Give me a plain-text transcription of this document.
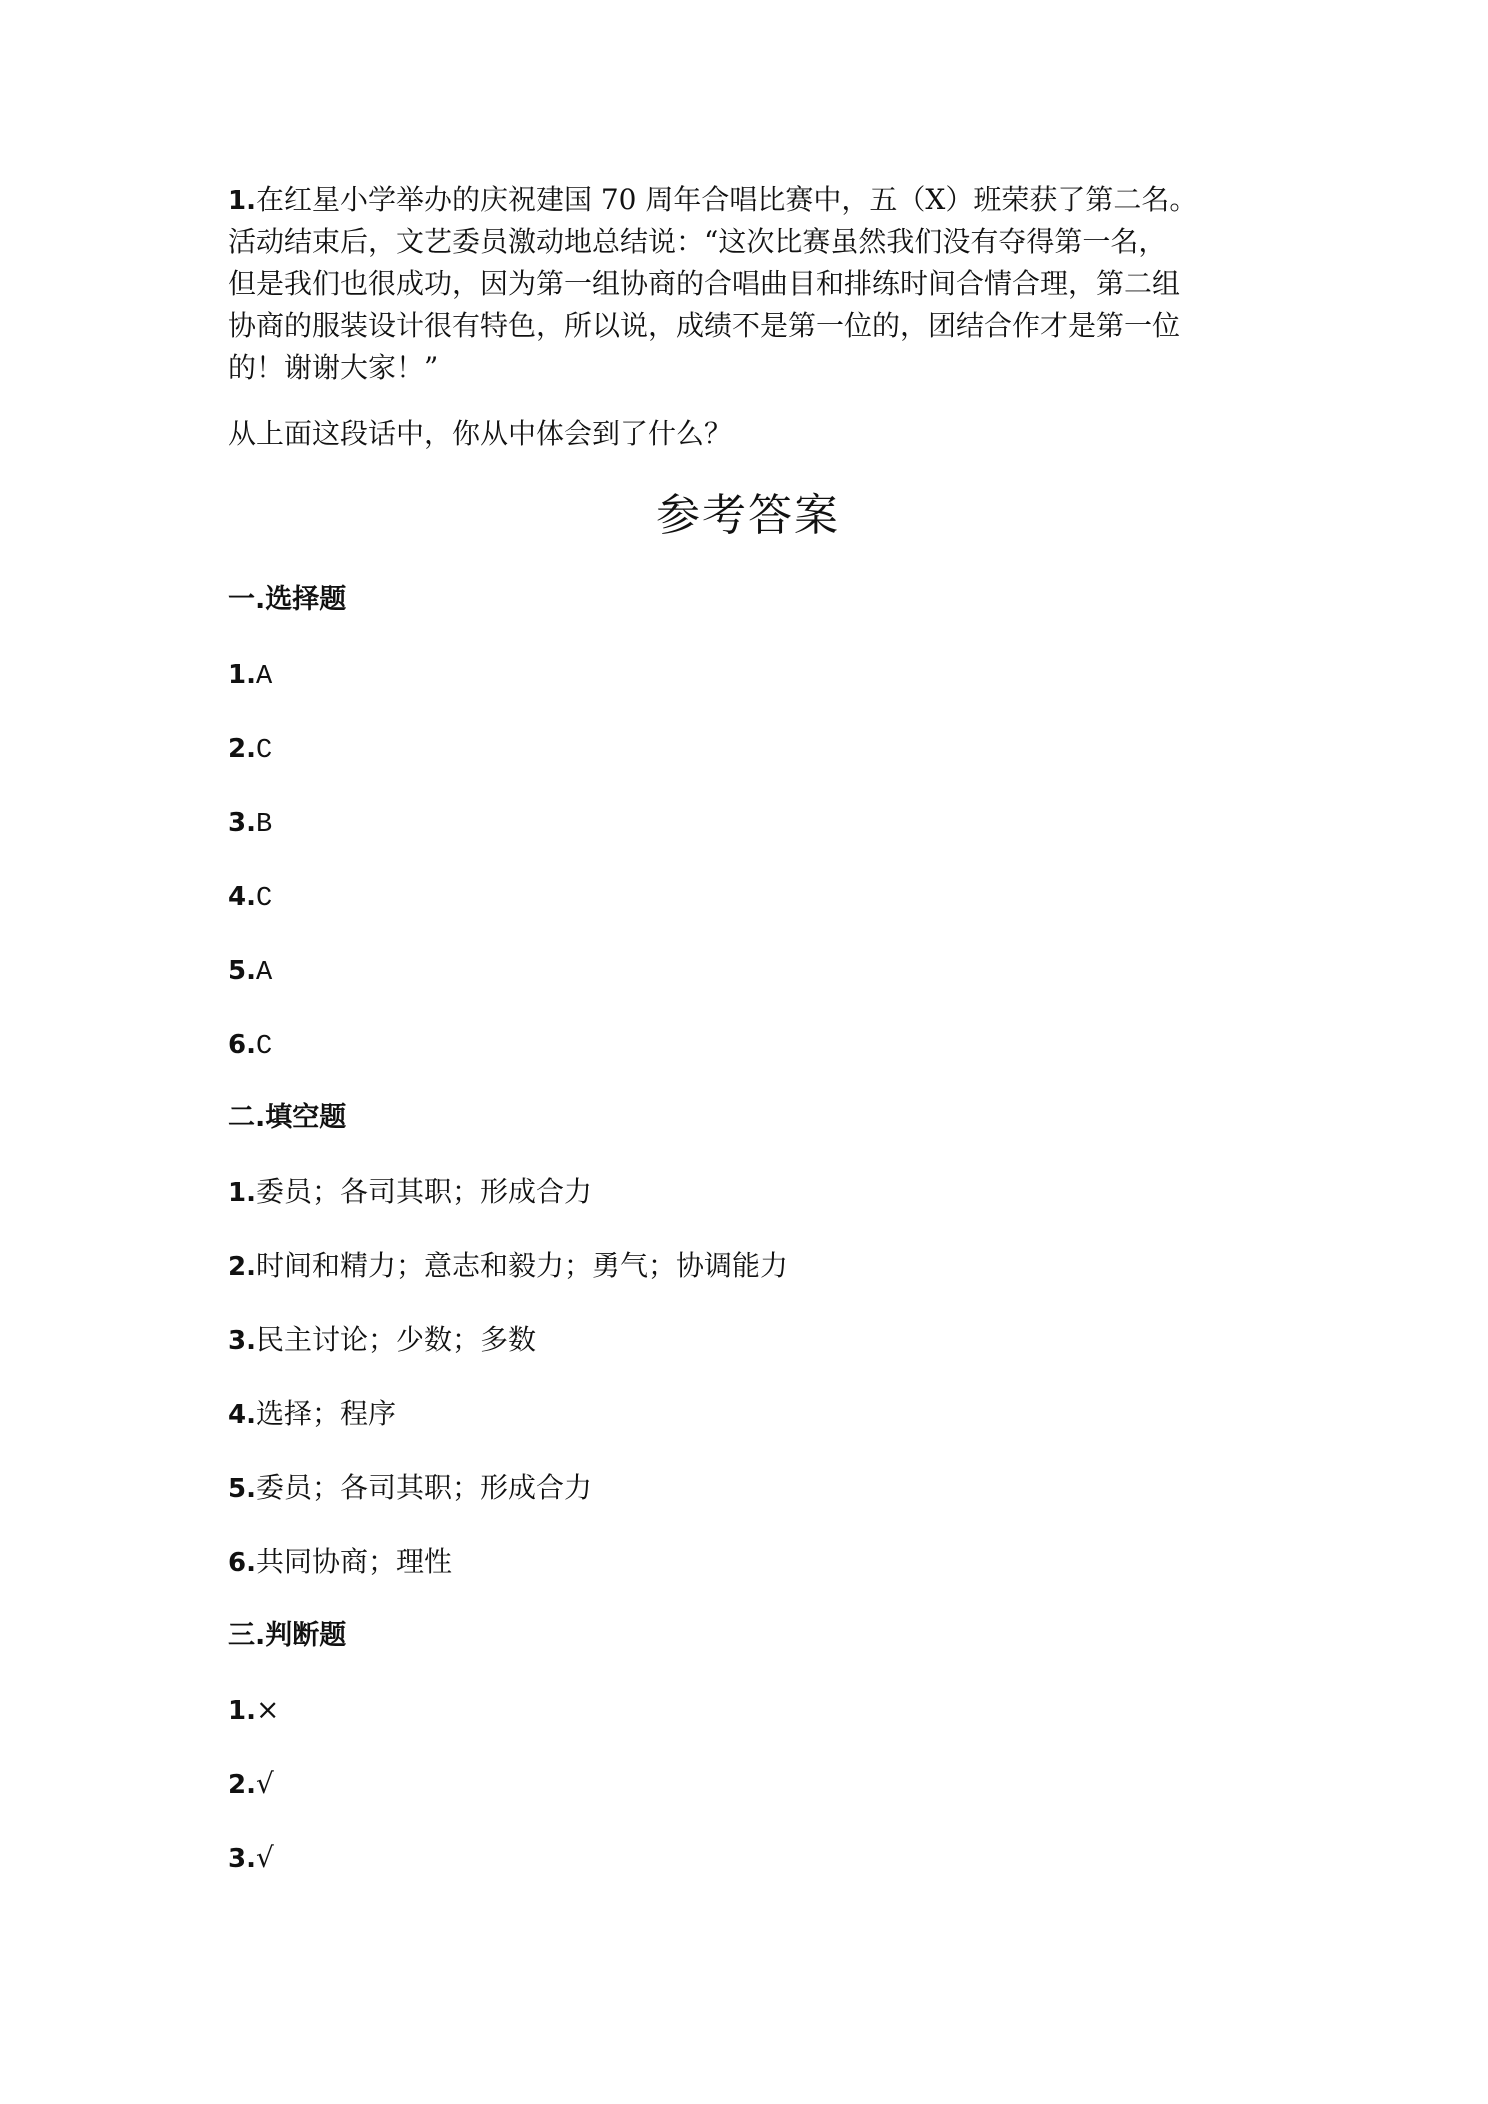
1.在红星小学举办的庆祝建国 70 周年合唱比赛中，五（X）班荣获了第二名。
活动结束后，文艺委员激动地总结说：“这次比赛虽然我们没有夺得第一名，
但是我们也很成功，因为第一组协商的合唱曲目和排练时间合情合理，第二组
协商的服装设计很有特色，所以说，成绩不是第一位的，团结合作才是第一位
的！谢谢大家！”
从上面这段话中，你从中体会到了什么？
参考答案
一.选择题
1.A
2.C
3.B
4.C
5.A
6.C
二.填空题
1.委员；各司其职；形成合力
2.时间和精力；意志和毅力；勇气；协调能力
3.民主讨论；少数；多数
4.选择；程序
5.委员；各司其职；形成合力
6.共同协商；理性
三.判断题
1.×
2.√
3.√
